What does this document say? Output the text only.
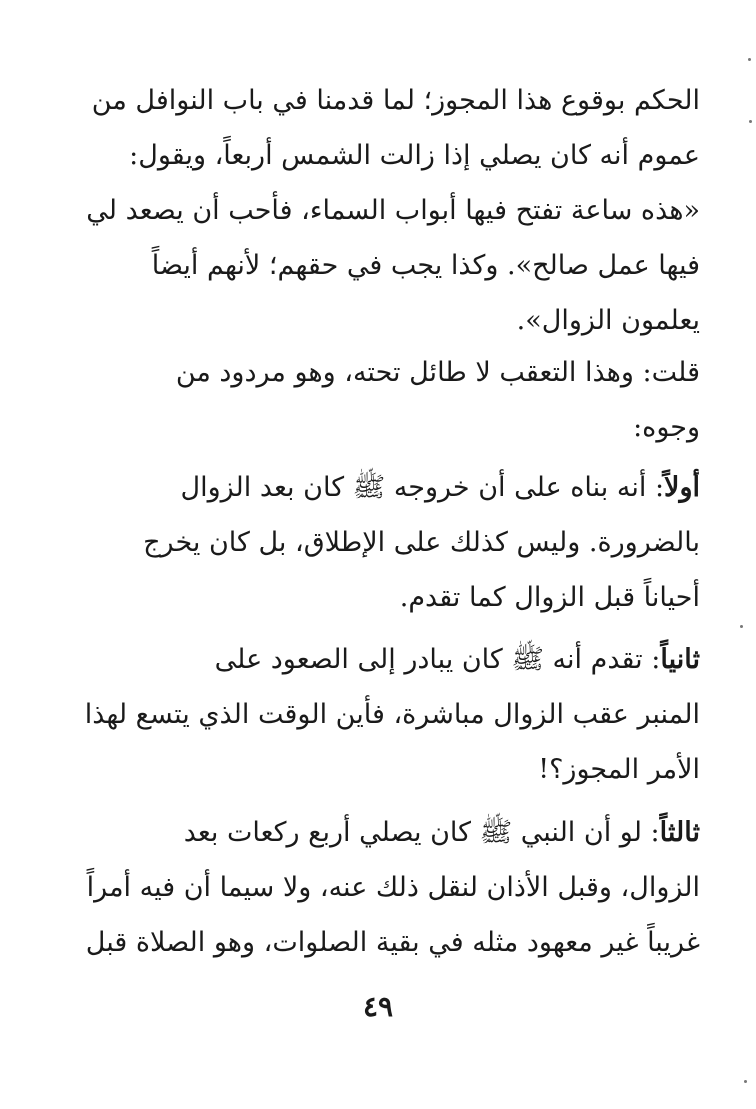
الحكم بوقوع هذا المجوز؛ لما قدمنا في باب النوافل من
عموم أنه كان يصلي إذا زالت الشمس أربعاً، ويقول:
«هذه ساعة تفتح فيها أبواب السماء، فأحب أن يصعد لي
فيها عمل صالح». وكذا يجب في حقهم؛ لأنهم أيضاً
يعلمون الزوال».
قلت: وهذا التعقب لا طائل تحته، وهو مردود من
وجوه:
أولاً: أنه بناه على أن خروجه ﷺ كان بعد الزوال
بالضرورة. وليس كذلك على الإطلاق، بل كان يخرج
أحياناً قبل الزوال كما تقدم.
ثانياً: تقدم أنه ﷺ كان يبادر إلى الصعود على
المنبر عقب الزوال مباشرة، فأين الوقت الذي يتسع لهذا
الأمر المجوز؟!
ثالثاً: لو أن النبي ﷺ كان يصلي أربع ركعات بعد
الزوال، وقبل الأذان لنقل ذلك عنه، ولا سيما أن فيه أمراً
غريباً غير معهود مثله في بقية الصلوات، وهو الصلاة قبل
٤٩
